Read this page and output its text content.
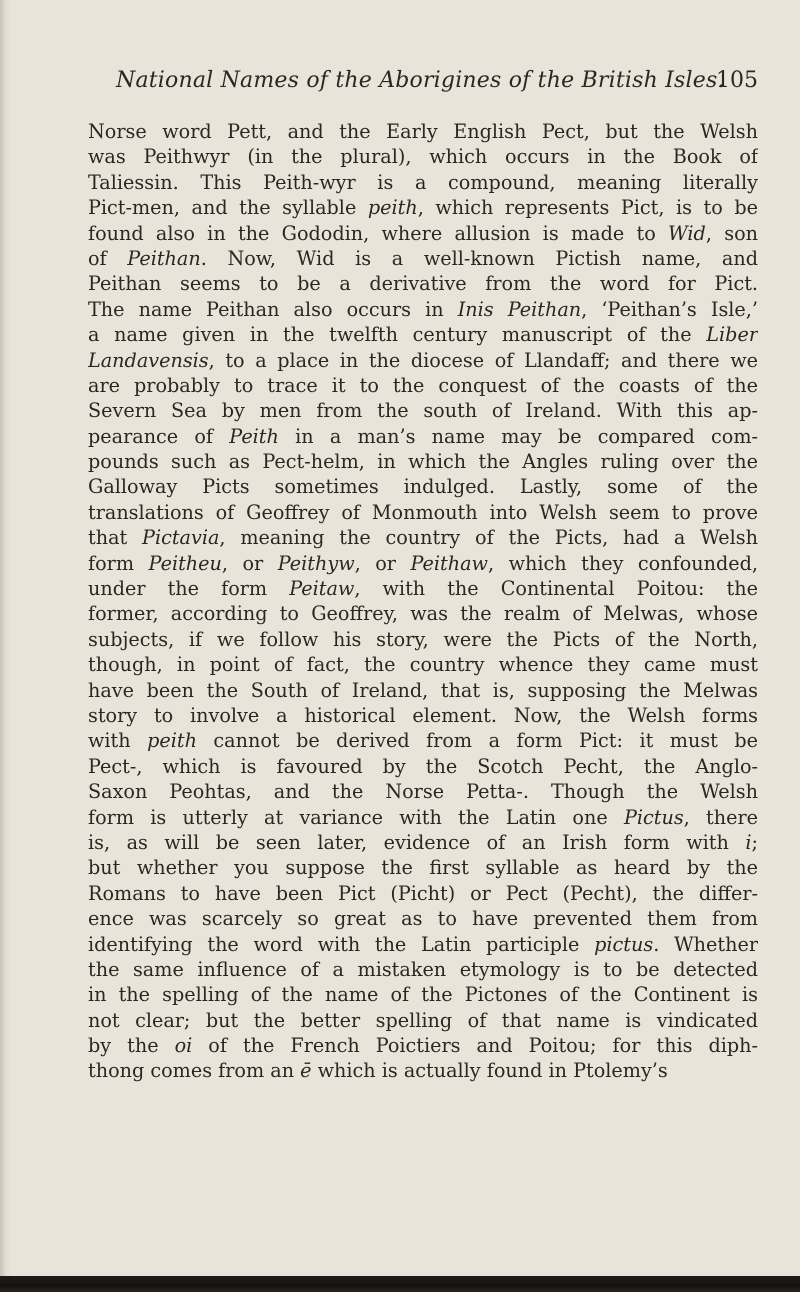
National Names of the Aborigines of the British Isles.
105
Norse word Pett, and the Early English Pect, but the Welsh
was Peithwyr (in the plural), which occurs in the Book of
Taliessin. This Peith-wyr is a compound, meaning literally
Pict-men, and the syllable peith, which represents Pict, is to be
found also in the Gododin, where allusion is made to Wid, son
of Peithan. Now, Wid is a well-known Pictish name, and
Peithan seems to be a derivative from the word for Pict.
The name Peithan also occurs in Inis Peithan, ‘Peithan’s Isle,’
a name given in the twelfth century manuscript of the Liber
Landavensis, to a place in the diocese of Llandaff; and there we
are probably to trace it to the conquest of the coasts of the
Severn Sea by men from the south of Ireland. With this ap-
pearance of Peith in a man’s name may be compared com-
pounds such as Pect-helm, in which the Angles ruling over the
Galloway Picts sometimes indulged. Lastly, some of the
translations of Geoffrey of Monmouth into Welsh seem to prove
that Pictavia, meaning the country of the Picts, had a Welsh
form Peitheu, or Peithyw, or Peithaw, which they confounded,
under the form Peitaw, with the Continental Poitou: the
former, according to Geoffrey, was the realm of Melwas, whose
subjects, if we follow his story, were the Picts of the North,
though, in point of fact, the country whence they came must
have been the South of Ireland, that is, supposing the Melwas
story to involve a historical element. Now, the Welsh forms
with peith cannot be derived from a form Pict: it must be
Pect-, which is favoured by the Scotch Pecht, the Anglo-
Saxon Peohtas, and the Norse Petta-. Though the Welsh
form is utterly at variance with the Latin one Pictus, there
is, as will be seen later, evidence of an Irish form with i;
but whether you suppose the first syllable as heard by the
Romans to have been Pict (Picht) or Pect (Pecht), the differ-
ence was scarcely so great as to have prevented them from
identifying the word with the Latin participle pictus. Whether
the same influence of a mistaken etymology is to be detected
in the spelling of the name of the Pictones of the Continent is
not clear; but the better spelling of that name is vindicated
by the oi of the French Poictiers and Poitou; for this diph-
thong comes from an ē which is actually found in Ptolemy’s
